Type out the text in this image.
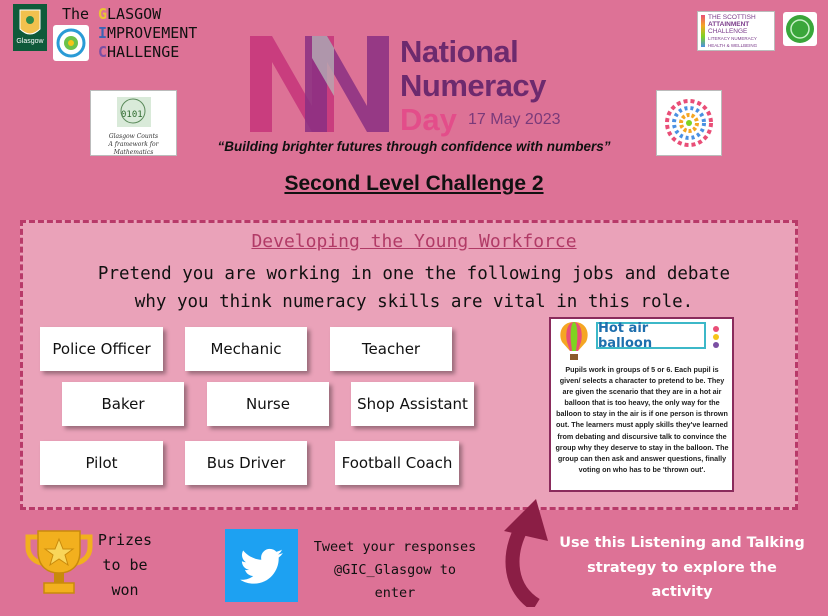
Glasgow
The GLASGOW
IMPROVEMENT
CHALLENGE	National
Numeracy
Day 17 May 2023
THE SCOTTISH
ATTAINMENT
CHALLENGE
LITERACY NUMERACY
HEALTH & WELLBEING
0101
Glasgow Counts
A framework for Mathematics	“Building brighter futures through confidence with numbers”
Second Level Challenge 2
Developing the Young Workforce
Pretend you are working in one the following jobs and debate
why you think numeracy skills are vital in this role.
Police Officer	Mechanic	Teacher
Baker	Nurse	Shop Assistant
Pilot	Bus Driver	Football Coach
Hot air balloon
Pupils work in groups of 5 or 6. Each pupil is given/ selects a character to pretend to be. They are given the scenario that they are in a hot air balloon that is too heavy, the only way for the balloon to stay in the air is if one person is thrown out. The learners must apply skills they've learned from debating and discursive talk to convince the group why they deserve to stay in the balloon. The group can then ask and answer questions, finally voting on who has to be 'thrown out'.
Prizes
to be
won
Tweet your responses
@GIC_Glasgow to
enter
Use this Listening and Talking
strategy to explore the
activity
